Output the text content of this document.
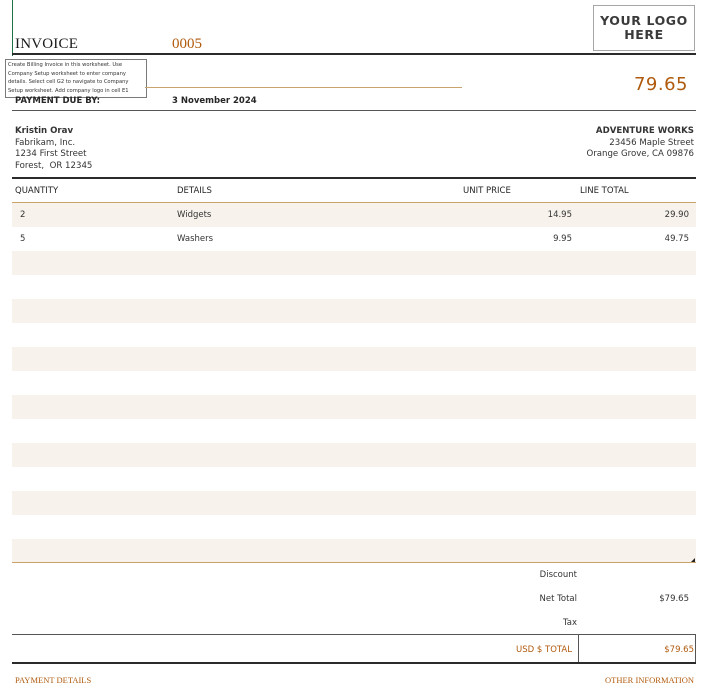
INVOICE	0005
YOUR LOGO
HERE
Create Billing Invoice in this worksheet. Use Company Setup worksheet to enter company details. Select cell G2 to navigate to Company Setup worksheet. Add company logo in cell E1	79.65
PAYMENT DUE BY:	3 November 2024
Kristin Orav
Fabrikam, Inc.
1234 First Street
Forest,  OR 12345
ADVENTURE WORKS
23456 Maple Street
Orange Grove, CA 09876
QUANTITY	DETAILS	UNIT PRICE	LINE TOTAL
2	Widgets	14.95	29.90
5	Washers	9.95	49.75
Discount
Net Total	$79.65
Tax
USD $ TOTAL	$79.65
PAYMENT DETAILS	OTHER INFORMATION
